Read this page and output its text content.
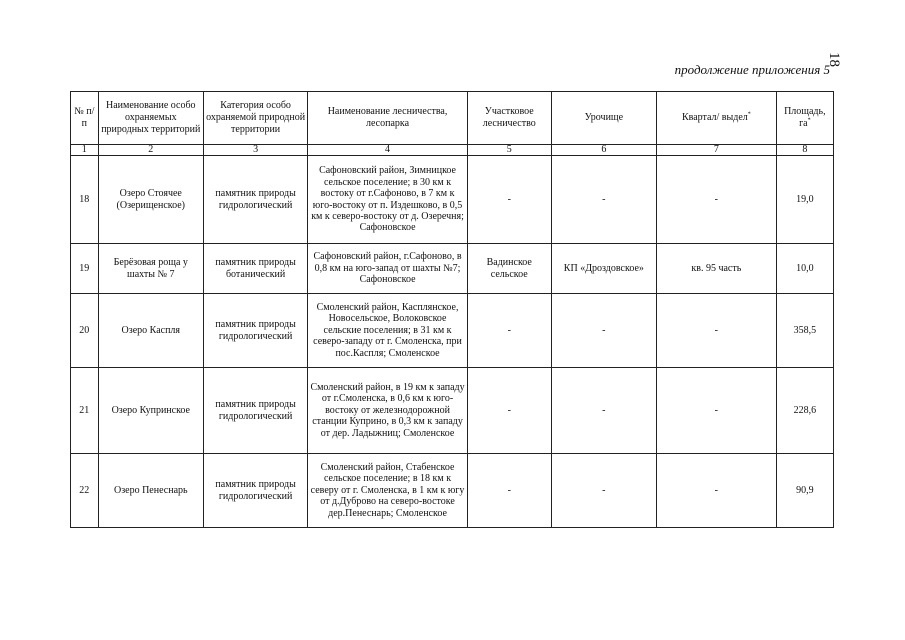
18
продолжение приложения 5
№ п/п	Наименование особо охраняемых природных территорий	Категория особо охраняемой природной территории	Наименование лесничества, лесопарка	Участковое лесничество	Урочище	Квартал/ выдел*	Площадь, га*
1	2	3	4	5	6	7	8
18	Озеро Стоячее (Озерищенское)	памятник природы гидрологический	Сафоновский район, Зимницкое сельское поселение; в 30 км к востоку от г.Сафоново, в 7 км к юго-востоку от п. Издешково, в 0,5 км к северо-востоку от д. Озеречня; Сафоновское	-	-	-	19,0
19	Берёзовая роща у шахты № 7	памятник природы ботанический	Сафоновский район, г.Сафоново, в 0,8 км на юго-запад от шахты №7; Сафоновское	Вадинское сельское	КП «Дроздовское»	кв. 95 часть	10,0
20	Озеро Каспля	памятник природы гидрологический	Смоленский район, Касплянское, Новосельское, Волоковское сельские поселения; в 31 км к северо-западу от г. Смоленска, при пос.Каспля; Смоленское	-	-	-	358,5
21	Озеро Купринское	памятник природы гидрологический	Смоленский район, в 19 км к западу от г.Смоленска, в 0,6 км к юго-востоку от железнодорожной станции Куприно, в 0,3 км к западу от дер. Ладыжниц; Смоленское	-	-	-	228,6
22	Озеро Пенеснарь	памятник природы гидрологический	Смоленский район, Стабенское сельское поселение; в 18 км к северу от г. Смоленска, в 1 км к югу от д.Дуброво на северо-востоке дер.Пенеснарь; Смоленское	-	-	-	90,9
